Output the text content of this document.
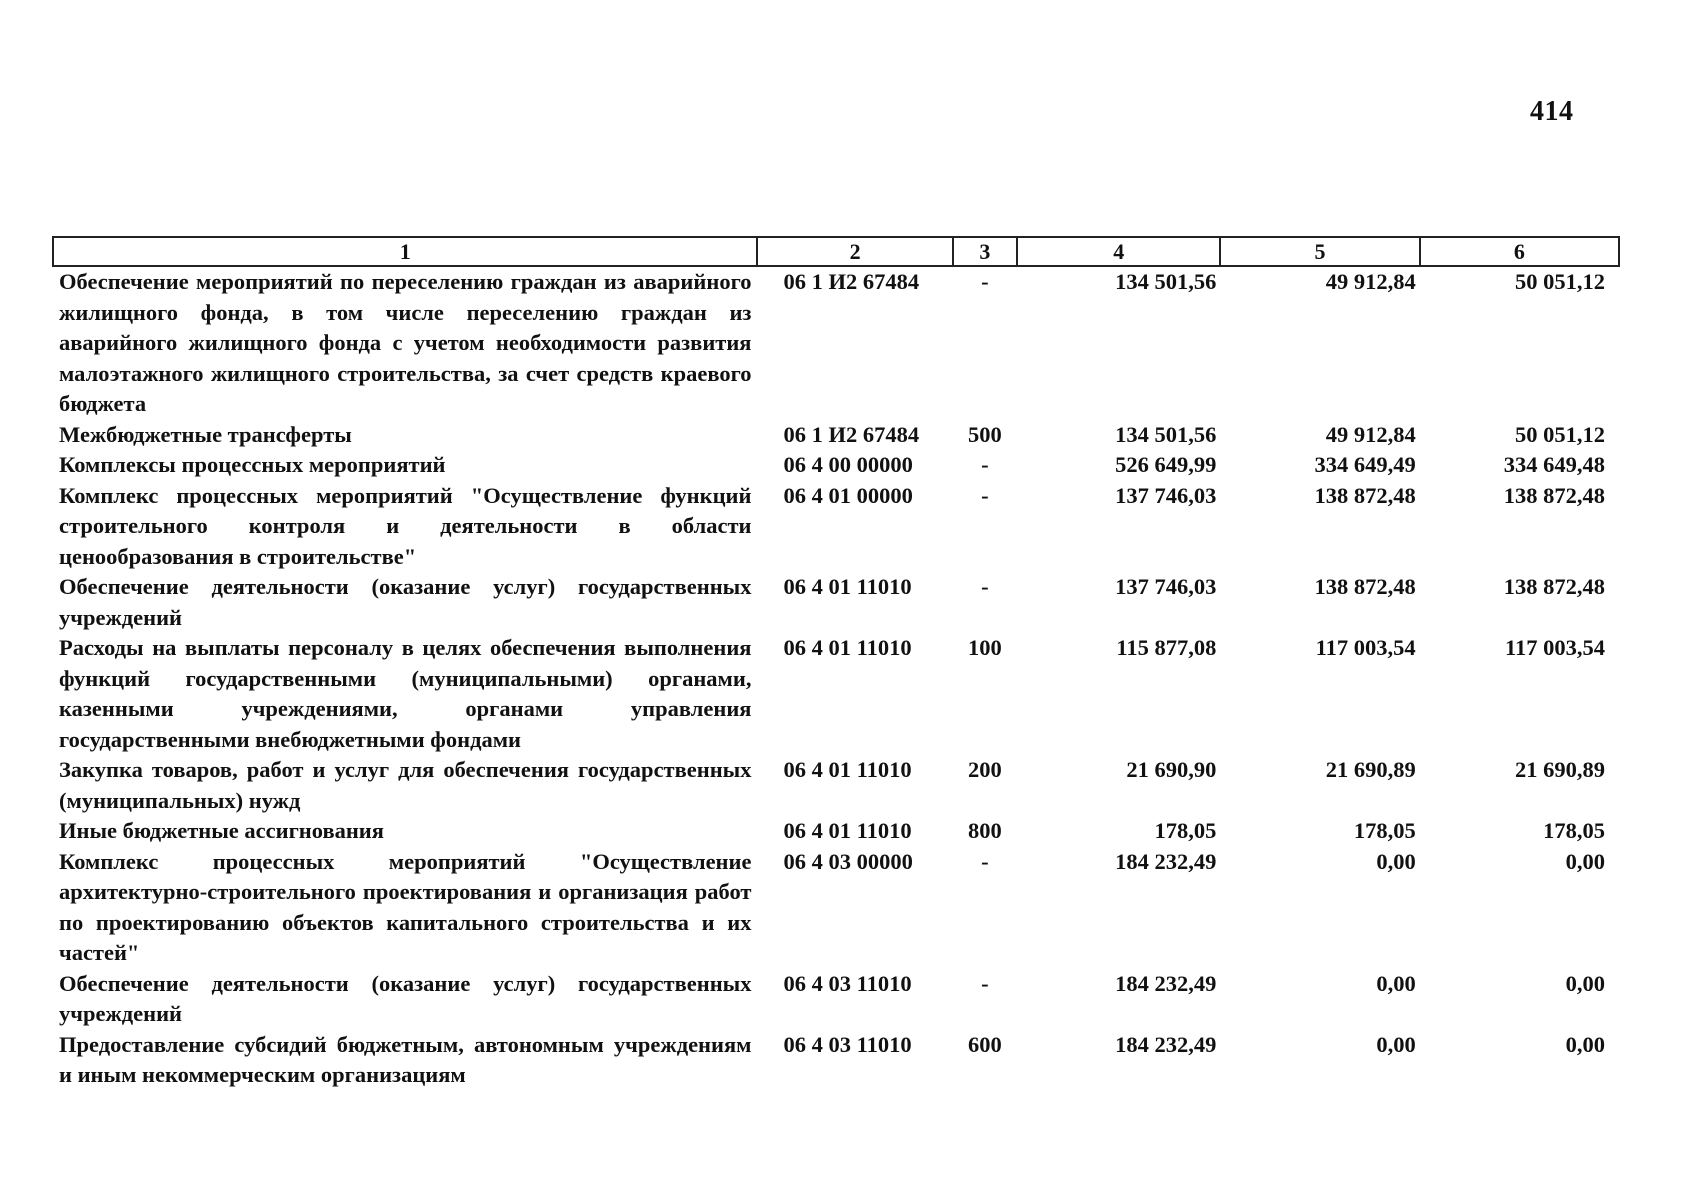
414
1	2	3	4	5	6
Обеспечение мероприятий по переселению граждан из аварийного жилищного фонда, в том числе переселению граждан из аварийного жилищного фонда с учетом необходимости развития малоэтажного жилищного строительства, за счет средств краевого бюджета	06 1 И2 67484	-	134 501,56	49 912,84	50 051,12
Межбюджетные трансферты	06 1 И2 67484	500	134 501,56	49 912,84	50 051,12
Комплексы процессных мероприятий	06 4 00 00000	-	526 649,99	334 649,49	334 649,48
Комплекс процессных мероприятий "Осуществление функций строительного контроля и деятельности в области ценообразования в строительстве"	06 4 01 00000	-	137 746,03	138 872,48	138 872,48
Обеспечение деятельности (оказание услуг) государственных учреждений	06 4 01 11010	-	137 746,03	138 872,48	138 872,48
Расходы на выплаты персоналу в целях обеспечения выполнения функций государственными (муниципальными) органами, казенными учреждениями, органами управления государственными внебюджетными фондами	06 4 01 11010	100	115 877,08	117 003,54	117 003,54
Закупка товаров, работ и услуг для обеспечения государственных (муниципальных) нужд	06 4 01 11010	200	21 690,90	21 690,89	21 690,89
Иные бюджетные ассигнования	06 4 01 11010	800	178,05	178,05	178,05
Комплекс процессных мероприятий "Осуществление архитектурно-строительного проектирования и организация работ по проектированию объектов капитального строительства и их частей"	06 4 03 00000	-	184 232,49	0,00	0,00
Обеспечение деятельности (оказание услуг) государственных учреждений	06 4 03 11010	-	184 232,49	0,00	0,00
Предоставление субсидий бюджетным, автономным учреждениям и иным некоммерческим организациям	06 4 03 11010	600	184 232,49	0,00	0,00
